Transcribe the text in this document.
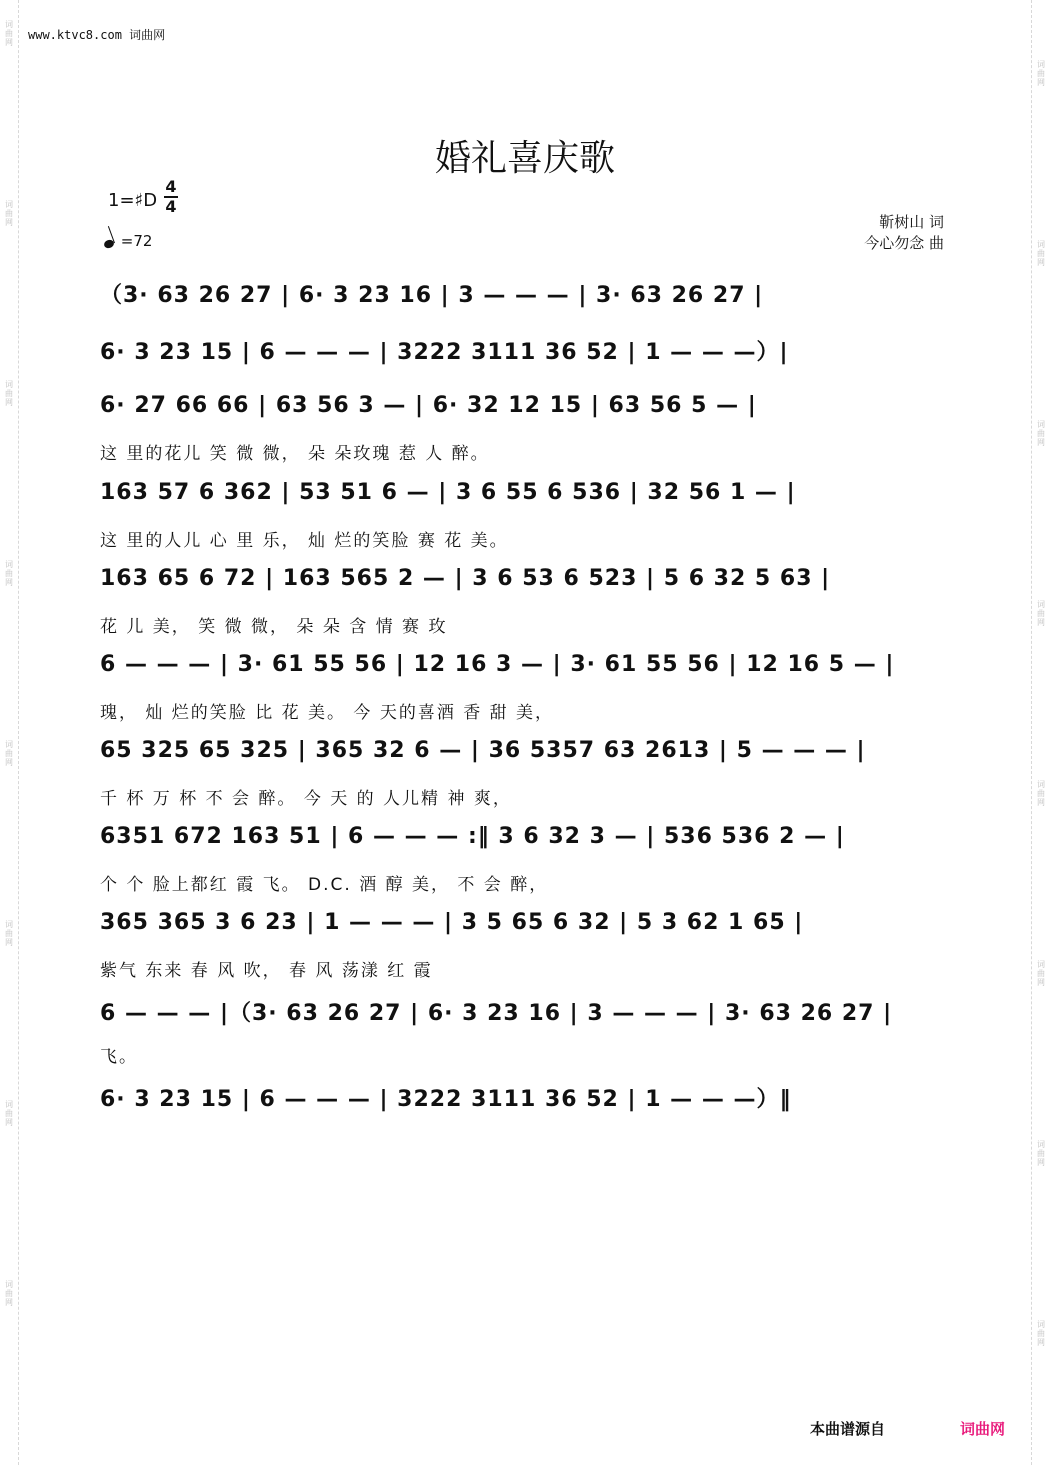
词曲网
词曲网
词曲网
词曲网
词曲网
词曲网
词曲网
词曲网
词曲网
词曲网
词曲网
词曲网
词曲网
词曲网
词曲网
词曲网
www.ktvc8.com 词曲网
婚礼喜庆歌
1=♯D $\frac{4}{4}$
=72
靳树山 词
今心勿念 曲
（3· 63 26 27 | 6· 3 23 16 | 3 — — — | 3· 63 26 27 |
6· 3 23 15 | 6 — — — | 3222 3111 36 52 | 1 — — —）|
6· 27 66 66 | 63 56 3 — | 6· 32 12 15 | 63 56 5 — |
这 里的花儿 笑 微 微， 朵 朵玫瑰 惹 人 醉。
163 57 6 362 | 53 51 6 — | 3 6 55 6 536 | 32 56 1 — |
这 里的人儿 心 里 乐， 灿 烂的笑脸 赛 花 美。
163 65 6 72 | 163 565 2 — | 3 6 53 6 523 | 5 6 32 5 63 |
花 儿 美， 笑 微 微， 朵 朵 含 情 赛 玫
6 — — — | 3· 61 55 56 | 12 16 3 — | 3· 61 55 56 | 12 16 5 — |
瑰， 灿 烂的笑脸 比 花 美。 今 天的喜酒 香 甜 美，
65 325 65 325 | 365 32 6 — | 36 5357 63 2613 | 5 — — — |
千 杯 万 杯 不 会 醉。 今 天 的 人儿精 神 爽，
6351 672 163 51 | 6 — — — :‖ 3 6 32 3 — | 536 536 2 — |
个 个 脸上都红 霞 飞。 D.C. 酒 醇 美， 不 会 醉，
365 365 3 6 23 | 1 — — — | 3 5 65 6 32 | 5 3 62 1 65 |
紫气 东来 春 风 吹， 春 风 荡漾 红 霞
6 — — — |（3· 63 26 27 | 6· 3 23 16 | 3 — — — | 3· 63 26 27 |
飞。
6· 3 23 15 | 6 — — — | 3222 3111 36 52 | 1 — — —）‖
本曲谱源自	词曲网
